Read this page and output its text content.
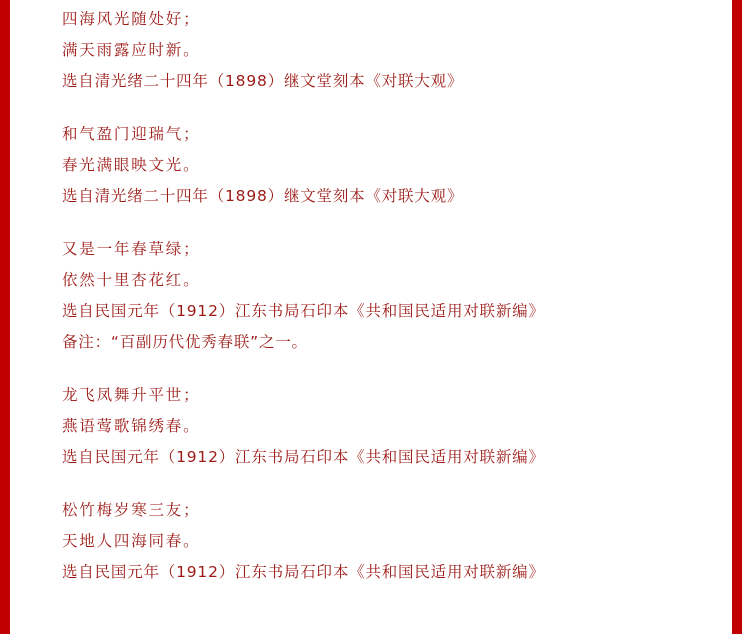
四海风光随处好；
满天雨露应时新。
选自清光绪二十四年（1898）继文堂刻本《对联大观》
和气盈门迎瑞气；
春光满眼映文光。
选自清光绪二十四年（1898）继文堂刻本《对联大观》
又是一年春草绿；
依然十里杏花红。
选自民国元年（1912）江东书局石印本《共和国民适用对联新编》
备注：“百副历代优秀春联”之一。
龙飞凤舞升平世；
燕语莺歌锦绣春。
选自民国元年（1912）江东书局石印本《共和国民适用对联新编》
松竹梅岁寒三友；
天地人四海同春。
选自民国元年（1912）江东书局石印本《共和国民适用对联新编》
